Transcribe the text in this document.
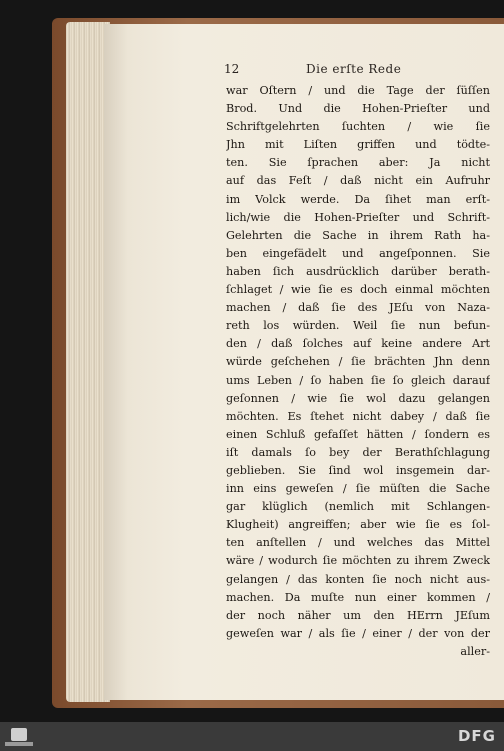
12	Die erſte Rede
war Oſtern / und die Tage der ſüſſen
Brod. Und die Hohen-Prieſter und
Schriftgelehrten ſuchten / wie ſie
Jhn mit Liſten griffen und tödte-
ten. Sie ſprachen aber: Ja nicht
auf das Feſt / daß nicht ein Aufruhr
im Volck werde. Da ſihet man erſt-
lich/wie die Hohen-Prieſter und Schrift-
Gelehrten die Sache in ihrem Rath ha-
ben eingefädelt und angeſponnen. Sie
haben ſich ausdrücklich darüber berath-
ſchlaget / wie ſie es doch einmal möchten
machen / daß ſie des JEſu von Naza-
reth los würden. Weil ſie nun befun-
den / daß ſolches auf keine andere Art
würde geſchehen / ſie brächten Jhn denn
ums Leben / ſo haben ſie ſo gleich darauf
geſonnen / wie ſie wol dazu gelangen
möchten. Es ſtehet nicht dabey / daß ſie
einen Schluß gefaſſet hätten / ſondern es
iſt damals ſo bey der Berathſchlagung
geblieben. Sie ſind wol insgemein dar-
inn eins geweſen / ſie müſten die Sache
gar klüglich (nemlich mit Schlangen-
Klugheit) angreiffen; aber wie ſie es ſol-
ten anſtellen / und welches das Mittel
wäre / wodurch ſie möchten zu ihrem Zweck
gelangen / das konten ſie noch nicht aus-
machen. Da muſte nun einer kommen /
der noch näher um den HErrn JEſum
geweſen war / als ſie / einer / der von der
aller-
DFG
